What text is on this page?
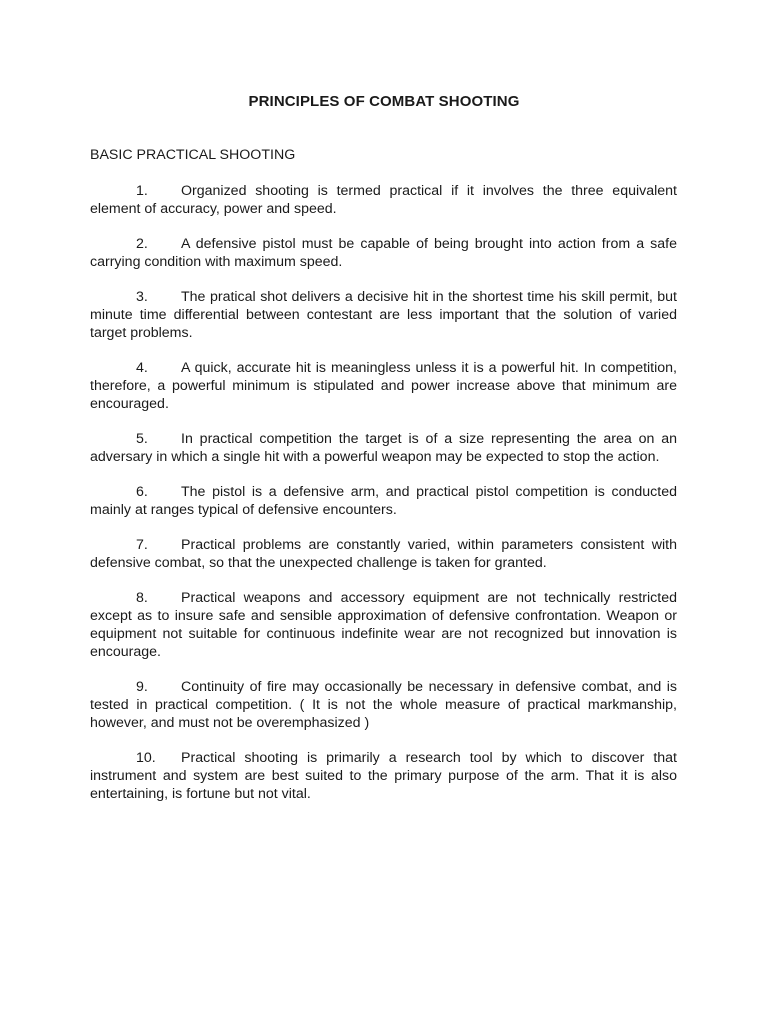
PRINCIPLES OF COMBAT SHOOTING
BASIC PRACTICAL SHOOTING

1. Organized shooting is termed practical if it involves the three equivalent element of accuracy, power and speed.

2. A defensive pistol must be capable of being brought into action from a safe carrying condition with maximum speed.

3. The pratical shot delivers a decisive hit in the shortest time his skill permit, but minute time differential between contestant are less important that the solution of varied target problems.

4. A quick, accurate hit is meaningless unless it is a powerful hit. In competition, therefore, a powerful minimum is stipulated and power increase above that minimum are encouraged.

5. In practical competition the target is of a size representing the area on an adversary in which a single hit with a powerful weapon may be expected to stop the action.

6. The pistol is a defensive arm, and practical pistol competition is conducted mainly at ranges typical of defensive encounters.

7. Practical problems are constantly varied, within parameters consistent with defensive combat, so that the unexpected challenge is taken for granted.

8. Practical weapons and accessory equipment are not technically restricted except as to insure safe and sensible approximation of defensive confrontation. Weapon or equipment not suitable for continuous indefinite wear are not recognized but innovation is encourage.

9. Continuity of fire may occasionally be necessary in defensive combat, and is tested in practical competition. ( It is not the whole measure of practical markmanship, however, and must not be overemphasized )

10. Practical shooting is primarily a research tool by which to discover that instrument and system are best suited to the primary purpose of the arm. That it is also entertaining, is fortune but not vital.
